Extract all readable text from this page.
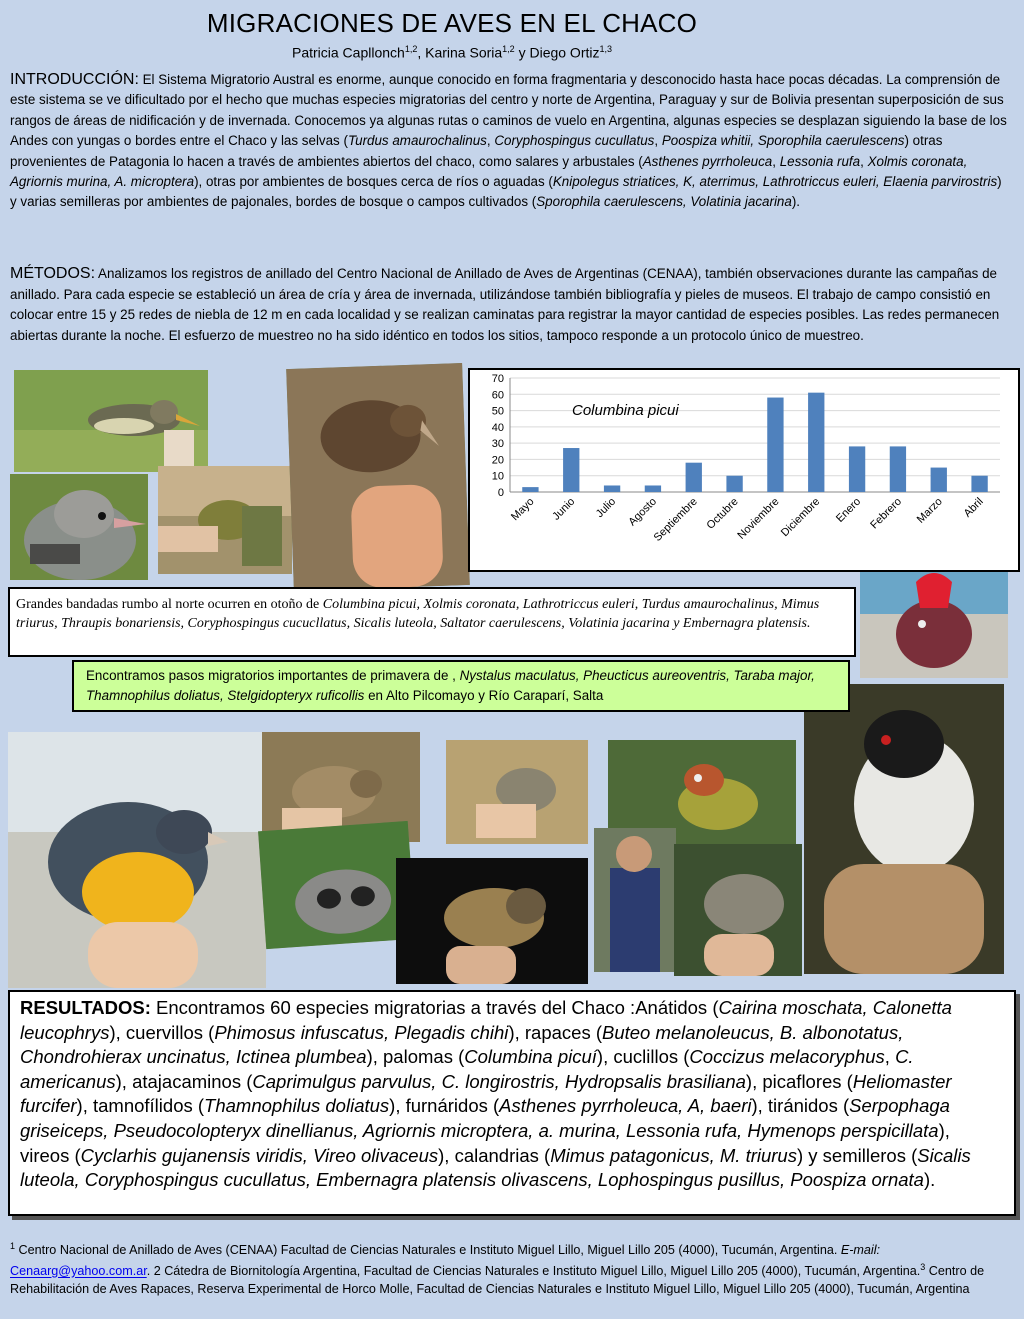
MIGRACIONES DE AVES EN EL CHACO
Patricia Capllonch$^{1,2}$, Karina Soria$^{1,2}$ y Diego Ortiz$^{1,3}$
INTRODUCCIÓN: El Sistema Migratorio Austral es enorme, aunque conocido en forma fragmentaria y desconocido hasta hace pocas décadas. La comprensión de este sistema se ve dificultado por el hecho que muchas especies migratorias del centro y norte de Argentina, Paraguay y sur de Bolivia presentan superposición de sus rangos de áreas de nidificación y de invernada. Conocemos ya algunas rutas o caminos de vuelo en Argentina, algunas especies se desplazan siguiendo la base de los Andes con yungas o bordes entre el Chaco y las selvas (Turdus amaurochalinus, Coryphospingus cucullatus, Poospiza whitii, Sporophila caerulescens) otras provenientes de Patagonia lo hacen a través de ambientes abiertos del chaco, como salares y arbustales (Asthenes pyrrholeuca, Lessonia rufa, Xolmis coronata, Agriornis murina, A. microptera), otras por ambientes de bosques cerca de ríos o aguadas (Knipolegus striatices, K, aterrimus, Lathrotriccus euleri, Elaenia parvirostris) y varias semilleras por ambientes de pajonales, bordes de bosque o campos cultivados (Sporophila caerulescens, Volatinia jacarina).
MÉTODOS: Analizamos los registros de anillado del Centro Nacional de Anillado de Aves de Argentinas (CENAA), también observaciones durante las campañas de anillado. Para cada especie se estableció un área de cría y área de invernada, utilizándose también bibliografía y pieles de museos. El trabajo de campo consistió en colocar entre 15 y 25 redes de niebla de 12 m en cada localidad y se realizan caminatas para registrar la mayor cantidad de especies posibles. Las redes permanecen abiertas durante la noche. El esfuerzo de muestreo no ha sido idéntico en todos los sitios, tampoco responde a un protocolo único de muestreo.
0
10
20
30
40
50
60
70
Mayo Junio Julio Agosto
Septiembre Octubre
Noviembre
Diciembre Enero Febrero Marzo Abril
Columbina picui
Grandes bandadas rumbo al norte ocurren en otoño de Columbina picui, Xolmis coronata, Lathrotriccus euleri, Turdus amaurochalinus, Mimus triurus, Thraupis bonariensis, Coryphospingus cucucllatus, Sicalis luteola, Saltator caerulescens, Volatinia jacarina y Embernagra platensis.
Encontramos pasos migratorios importantes de primavera de , Nystalus maculatus, Pheucticus aureoventris, Taraba major, Thamnophilus doliatus, Stelgidopteryx ruficollis en Alto Pilcomayo y Río Caraparí, Salta
RESULTADOS: Encontramos 60 especies migratorias a través del Chaco :Anátidos (Cairina moschata, Calonetta leucophrys), cuervillos (Phimosus infuscatus, Plegadis chihi), rapaces (Buteo melanoleucus, B. albonotatus, Chondrohierax uncinatus, Ictinea plumbea), palomas (Columbina picuí), cuclillos (Coccizus melacoryphus, C. americanus), atajacaminos (Caprimulgus parvulus, C. longirostris, Hydropsalis brasiliana), picaflores (Heliomaster furcifer), tamnofílidos (Thamnophilus doliatus), furnáridos (Asthenes pyrrholeuca, A, baeri), tiránidos (Serpophaga griseiceps, Pseudocolopteryx dinellianus, Agriornis microptera, a. murina, Lessonia rufa, Hymenops perspicillata), vireos (Cyclarhis gujanensis viridis, Vireo olivaceus), calandrias (Mimus patagonicus, M. triurus) y semilleros (Sicalis luteola, Coryphospingus cucullatus, Embernagra platensis olivascens, Lophospingus pusillus, Poospiza ornata).
$^1$ Centro Nacional de Anillado de Aves (CENAA) Facultad de Ciencias Naturales e Instituto Miguel Lillo, Miguel Lillo 205 (4000), Tucumán, Argentina. E-mail:
Cenaarg@yahoo.com.ar. 2 Cátedra de Biornitología Argentina, Facultad de Ciencias Naturales e Instituto Miguel Lillo, Miguel Lillo 205 (4000), Tucumán, Argentina.$^3$ Centro de Rehabilitación de Aves Rapaces, Reserva Experimental de Horco Molle, Facultad de Ciencias Naturales e Instituto Miguel Lillo, Miguel Lillo 205 (4000), Tucumán, Argentina
